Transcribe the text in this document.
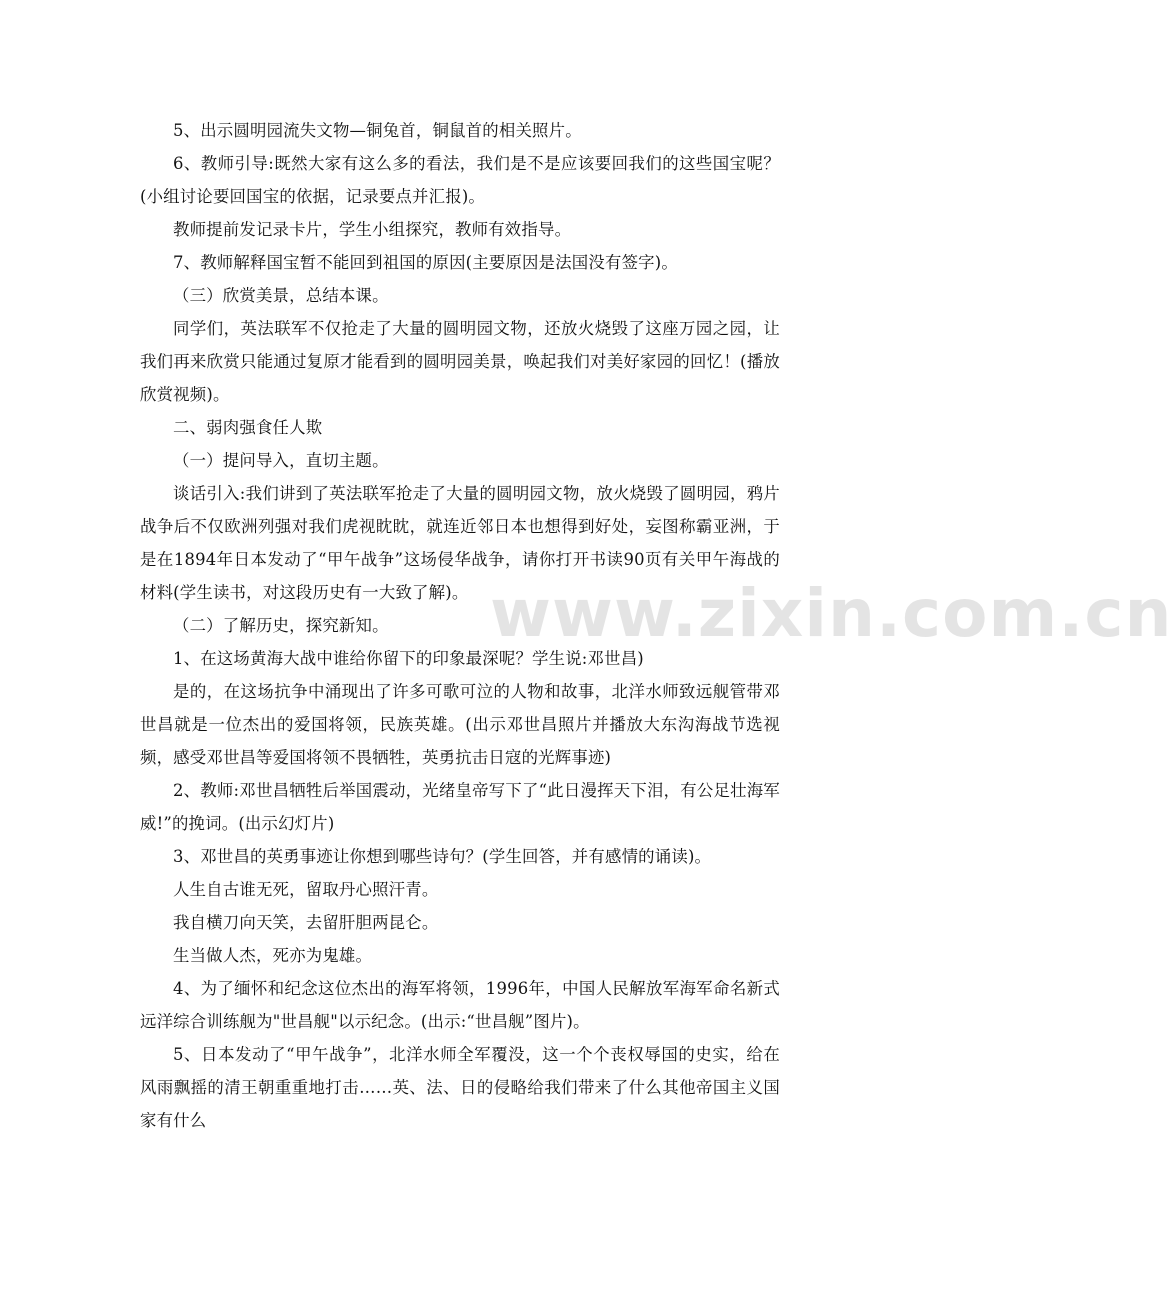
www.zixin.com.cn

5、出示圆明园流失文物—铜兔首，铜鼠首的相关照片。

6、教师引导:既然大家有这么多的看法，我们是不是应该要回我们的这些国宝呢？(小组讨论要回国宝的依据，记录要点并汇报)。

教师提前发记录卡片，学生小组探究，教师有效指导。

7、教师解释国宝暂不能回到祖国的原因(主要原因是法国没有签字)。

（三）欣赏美景，总结本课。

同学们，英法联军不仅抢走了大量的圆明园文物，还放火烧毁了这座万园之园，让我们再来欣赏只能通过复原才能看到的圆明园美景，唤起我们对美好家园的回忆！(播放欣赏视频)。

二、弱肉强食任人欺

（一）提问导入，直切主题。

谈话引入:我们讲到了英法联军抢走了大量的圆明园文物，放火烧毁了圆明园，鸦片战争后不仅欧洲列强对我们虎视眈眈，就连近邻日本也想得到好处，妄图称霸亚洲，于是在1894年日本发动了“甲午战争”这场侵华战争，请你打开书读90页有关甲午海战的材料(学生读书，对这段历史有一大致了解)。

（二）了解历史，探究新知。

1、在这场黄海大战中谁给你留下的印象最深呢？学生说:邓世昌)

是的，在这场抗争中涌现出了许多可歌可泣的人物和故事，北洋水师致远舰管带邓世昌就是一位杰出的爱国将领，民族英雄。(出示邓世昌照片并播放大东沟海战节选视频，感受邓世昌等爱国将领不畏牺牲，英勇抗击日寇的光辉事迹)

2、教师:邓世昌牺牲后举国震动，光绪皇帝写下了“此日漫挥天下泪，有公足壮海军威!”的挽词。(出示幻灯片)

3、邓世昌的英勇事迹让你想到哪些诗句？(学生回答，并有感情的诵读)。

人生自古谁无死，留取丹心照汗青。

我自横刀向天笑，去留肝胆两昆仑。

生当做人杰，死亦为鬼雄。

4、为了缅怀和纪念这位杰出的海军将领，1996年，中国人民解放军海军命名新式远洋综合训练舰为"世昌舰"以示纪念。(出示:“世昌舰”图片)。

5、日本发动了“甲午战争”，北洋水师全军覆没，这一个个丧权辱国的史实，给在风雨飘摇的清王朝重重地打击……英、法、日的侵略给我们带来了什么其他帝国主义国家有什么
